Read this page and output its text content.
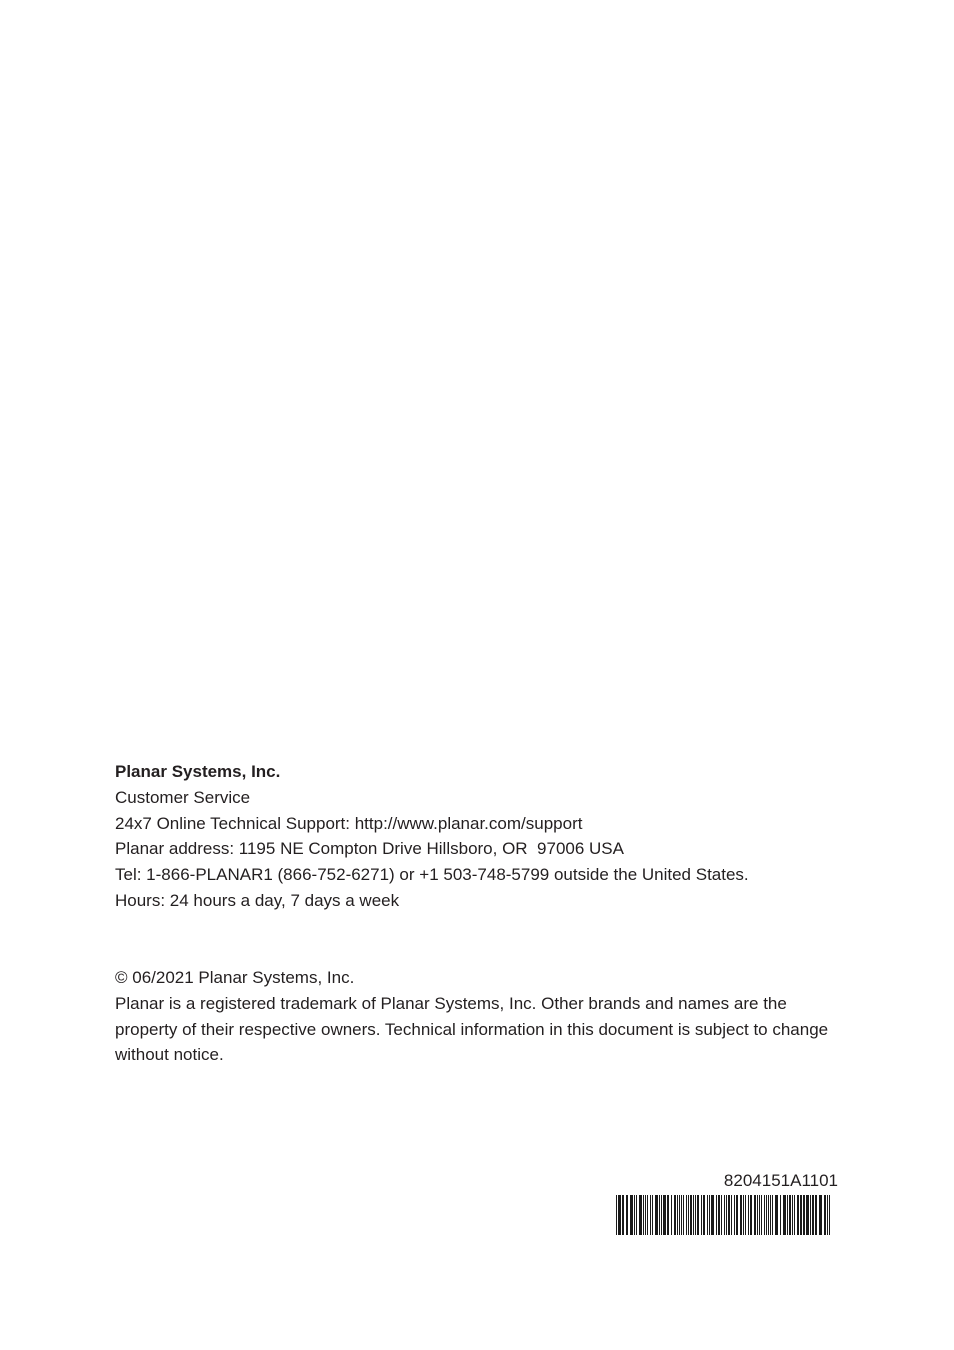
Planar Systems, Inc.
Customer Service
24x7 Online Technical Support: http://www.planar.com/support
Planar address: 1195 NE Compton Drive Hillsboro, OR  97006 USA
Tel: 1-866-PLANAR1 (866-752-6271) or +1 503-748-5799 outside the United States.
Hours: 24 hours a day, 7 days a week
© 06/2021 Planar Systems, Inc.
Planar is a registered trademark of Planar Systems, Inc. Other brands and names are the property of their respective owners. Technical information in this document is subject to change without notice.
8204151A1101
